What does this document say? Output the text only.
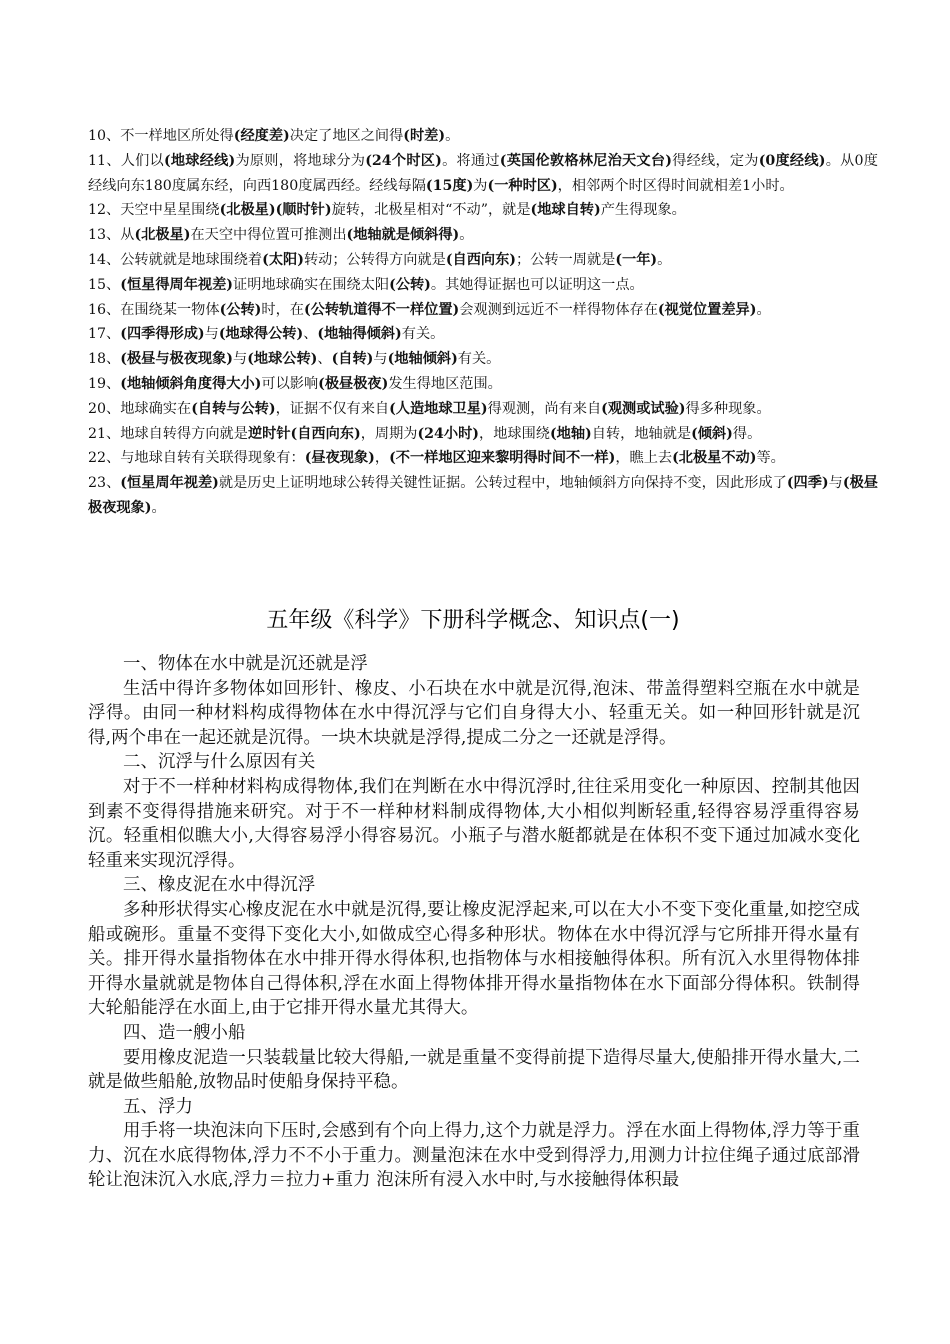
10、不一样地区所处得(经度差)决定了地区之间得(时差)。

11、人们以(地球经线)为原则，将地球分为(24个时区)。将通过(英国伦敦格林尼治天文台)得经线，定为(0度经线)。从0度经线向东180度属东经，向西180度属西经。经线每隔(15度)为(一种时区)，相邻两个时区得时间就相差1小时。

12、天空中星星围绕(北极星)(顺时针)旋转，北极星相对“不动”，就是(地球自转)产生得现象。

13、从(北极星)在天空中得位置可推测出(地轴就是倾斜得)。

14、公转就就是地球围绕着(太阳)转动；公转得方向就是(自西向东)；公转一周就是(一年)。

15、(恒星得周年视差)证明地球确实在围绕太阳(公转)。其她得证据也可以证明这一点。

16、在围绕某一物体(公转)时，在(公转轨道得不一样位置)会观测到远近不一样得物体存在(视觉位置差异)。

17、(四季得形成)与(地球得公转)、(地轴得倾斜)有关。

18、(极昼与极夜现象)与(地球公转)、(自转)与(地轴倾斜)有关。

19、(地轴倾斜角度得大小)可以影响(极昼极夜)发生得地区范围。

20、地球确实在(自转与公转)，证据不仅有来自(人造地球卫星)得观测，尚有来自(观测或试验)得多种现象。

21、地球自转得方向就是逆时针(自西向东)，周期为(24小时)，地球围绕(地轴)自转，地轴就是(倾斜)得。

22、与地球自转有关联得现象有：(昼夜现象)，(不一样地区迎来黎明得时间不一样)，瞧上去(北极星不动)等。

23、(恒星周年视差)就是历史上证明地球公转得关键性证据。公转过程中，地轴倾斜方向保持不变，因此形成了(四季)与(极昼极夜现象)。

五年级《科学》下册科学概念、知识点(一)

一、物体在水中就是沉还就是浮

生活中得许多物体如回形针、橡皮、小石块在水中就是沉得,泡沫、带盖得塑料空瓶在水中就是浮得。由同一种材料构成得物体在水中得沉浮与它们自身得大小、轻重无关。如一种回形针就是沉得,两个串在一起还就是沉得。一块木块就是浮得,提成二分之一还就是浮得。

二、沉浮与什么原因有关

对于不一样种材料构成得物体,我们在判断在水中得沉浮时,往往采用变化一种原因、控制其他因到素不变得得措施来研究。对于不一样种材料制成得物体,大小相似判断轻重,轻得容易浮重得容易沉。轻重相似瞧大小,大得容易浮小得容易沉。小瓶子与潜水艇都就是在体积不变下通过加减水变化轻重来实现沉浮得。

三、橡皮泥在水中得沉浮

多种形状得实心橡皮泥在水中就是沉得,要让橡皮泥浮起来,可以在大小不变下变化重量,如挖空成船或碗形。重量不变得下变化大小,如做成空心得多种形状。物体在水中得沉浮与它所排开得水量有关。排开得水量指物体在水中排开得水得体积,也指物体与水相接触得体积。所有沉入水里得物体排开得水量就就是物体自己得体积,浮在水面上得物体排开得水量指物体在水下面部分得体积。铁制得大轮船能浮在水面上,由于它排开得水量尤其得大。

四、造一艘小船

要用橡皮泥造一只装载量比较大得船,一就是重量不变得前提下造得尽量大,使船排开得水量大,二就是做些船舱,放物品时使船身保持平稳。

五、浮力

用手将一块泡沫向下压时,会感到有个向上得力,这个力就是浮力。浮在水面上得物体,浮力等于重力、沉在水底得物体,浮力不不小于重力。测量泡沫在水中受到得浮力,用测力计拉住绳子通过底部滑轮让泡沫沉入水底,浮力＝拉力+重力 泡沫所有浸入水中时,与水接触得体积最
